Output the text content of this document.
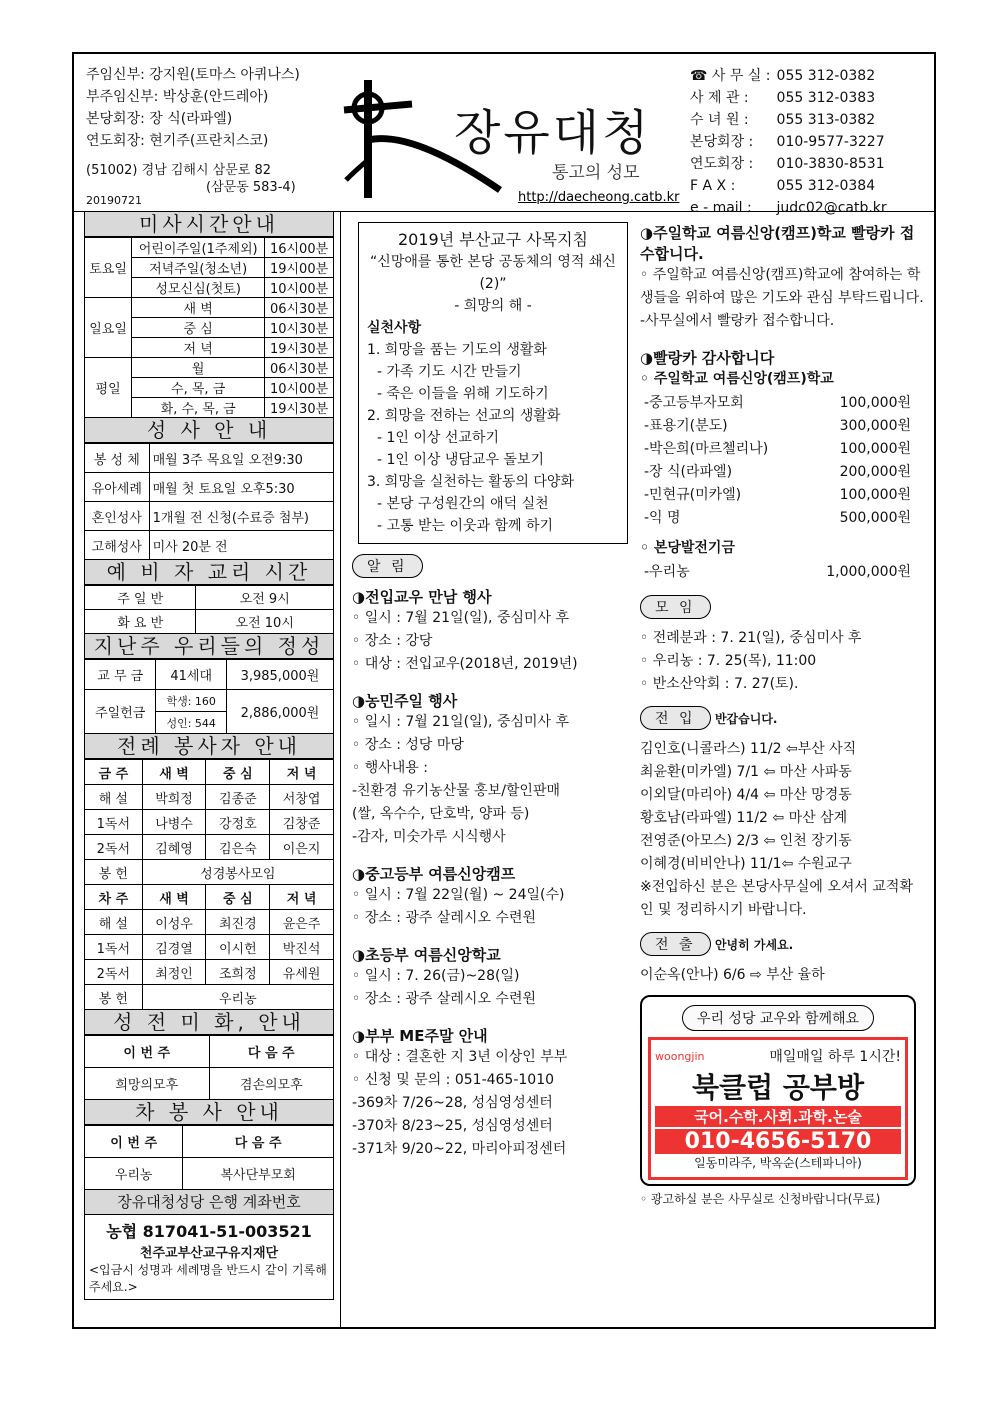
주임신부: 강지원(토마스 아퀴나스)
부주임신부: 박상훈(안드레아)
본당회장: 장 식(라파엘)
연도회장: 현기주(프란치스코)
(51002) 경남 김해시 삼문로 82
(삼문동 583-4)
20190721
장유대청
통고의 성모
http://daecheong.catb.kr
☎ 사 무 실 :	055 312-0382
사 제 관 :	055 312-0383
수 녀 원 :	055 313-0382
본당회장 :	010-9577-3227
연도회장 :	010-3830-8531
F A X :	055 312-0384
e - mail :	judc02@catb.kr
미사시간안내
토요일	어린이주일(1주제외)	16시00분
	저녁주일(청소년)	19시00분
	성모신심(첫토)	10시00분
일요일	새 벽	06시30분
	중 심	10시30분
	저 녁	19시30분
평일	월	06시30분
	수, 목, 금	10시00분
	화, 수, 목, 금	19시30분
성 사 안 내
봉 성 체	매월 3주 목요일 오전9:30
유아세례	매월 첫 토요일 오후5:30
혼인성사	1개월 전 신청(수료증 첨부)
고해성사	미사 20분 전
예 비 자 교리 시간
주 일 반	오전 9시
화 요 반	오전 10시
지난주 우리들의 정성
교 무 금	41세대	3,985,000원
주일헌금	학생: 160	2,886,000원
	성인: 544	
전례 봉사자 안내
금 주	새 벽	중 심	저 녁
해 설	박희정	김종준	서창엽
1독서	나병수	강정호	김창준
2독서	김혜영	김은숙	이은지
봉 헌	성경봉사모임		
차 주	새 벽	중 심	저 녁
해 설	이성우	최진경	윤은주
1독서	김경열	이시헌	박진석
2독서	최정인	조희정	유세원
봉 헌	우리농		
성 전 미 화, 안내
이 번 주	다 음 주
희망의모후	겸손의모후
차 봉 사 안내
이 번 주	다 음 주
우리농	복사단부모회
장유대청성당 은행 계좌번호
농협 817041-51-003521
천주교부산교구유지재단
<입금시 성명과 세례명을 반드시 같이 기록해 주세요.>
2019년 부산교구 사목지침
“신망애를 통한 본당 공동체의 영적 쇄신(2)”
- 희망의 해 -
실천사항
1. 희망을 품는 기도의 생활화
- 가족 기도 시간 만들기
- 죽은 이들을 위해 기도하기
2. 희망을 전하는 선교의 생활화
- 1인 이상 선교하기
- 1인 이상 냉담교우 돌보기
3. 희망을 실천하는 활동의 다양화
- 본당 구성원간의 애덕 실천
- 고통 받는 이웃과 함께 하기
알 림
◑전입교우 만남 행사
◦ 일시 : 7월 21일(일), 중심미사 후
◦ 장소 : 강당
◦ 대상 : 전입교우(2018년, 2019년)
◑농민주일 행사
◦ 일시 : 7월 21일(일), 중심미사 후
◦ 장소 : 성당 마당
◦ 행사내용 :
-친환경 유기농산물 홍보/할인판매
(쌀, 옥수수, 단호박, 양파 등)
-감자, 미숫가루 시식행사
◑중고등부 여름신앙캠프
◦ 일시 : 7월 22일(월) ~ 24일(수)
◦ 장소 : 광주 살레시오 수련원
◑초등부 여름신앙학교
◦ 일시 : 7. 26(금)~28(일)
◦ 장소 : 광주 살레시오 수련원
◑부부 ME주말 안내
◦ 대상 : 결혼한 지 3년 이상인 부부
◦ 신청 및 문의 : 051-465-1010
-369차 7/26~28, 성심영성센터
-370차 8/23~25, 성심영성센터
-371차 9/20~22, 마리아피정센터
◑주일학교 여름신앙(캠프)학교 빨랑카 접수합니다.
◦ 주일학교 여름신앙(캠프)학교에 참여하는 학생들을 위하여 많은 기도와 관심 부탁드립니다.
-사무실에서 빨랑카 접수합니다.
◑빨랑카 감사합니다
◦ 주일학교 여름신앙(캠프)학교
-중고등부자모회	100,000원
-표용기(분도)	300,000원
-박은희(마르첼리나)	100,000원
-장 식(라파엘)	200,000원
-민현규(미카엘)	100,000원
-익 명	500,000원
◦ 본당발전기금
-우리농	1,000,000원
모 임
◦ 전례분과 : 7. 21(일), 중심미사 후
◦ 우리농 : 7. 25(목), 11:00
◦ 반소산악회 : 7. 27(토).
전 입 반갑습니다.
김인호(니콜라스) 11/2 ⇦부산 사직
최윤환(미카엘) 7/1 ⇦ 마산 사파동
이외달(마리아) 4/4 ⇦ 마산 망경동
황호남(라파엘) 11/2 ⇦ 마산 삼계
전영준(아모스) 2/3 ⇦ 인천 장기동
이혜경(비비안나) 11/1⇦ 수원교구
※전입하신 분은 본당사무실에 오셔서 교적확인 및 정리하시기 바랍니다.
전 출 안녕히 가세요.
이순옥(안나) 6/6 ⇨ 부산 율하
우리 성당 교우와 함께해요
woongjin	매일매일 하루 1시간!
북클럽 공부방
국어.수학.사회.과학.논술
010-4656-5170
일동미라주, 박옥순(스테파니아)
◦ 광고하실 분은 사무실로 신청바랍니다(무료)
